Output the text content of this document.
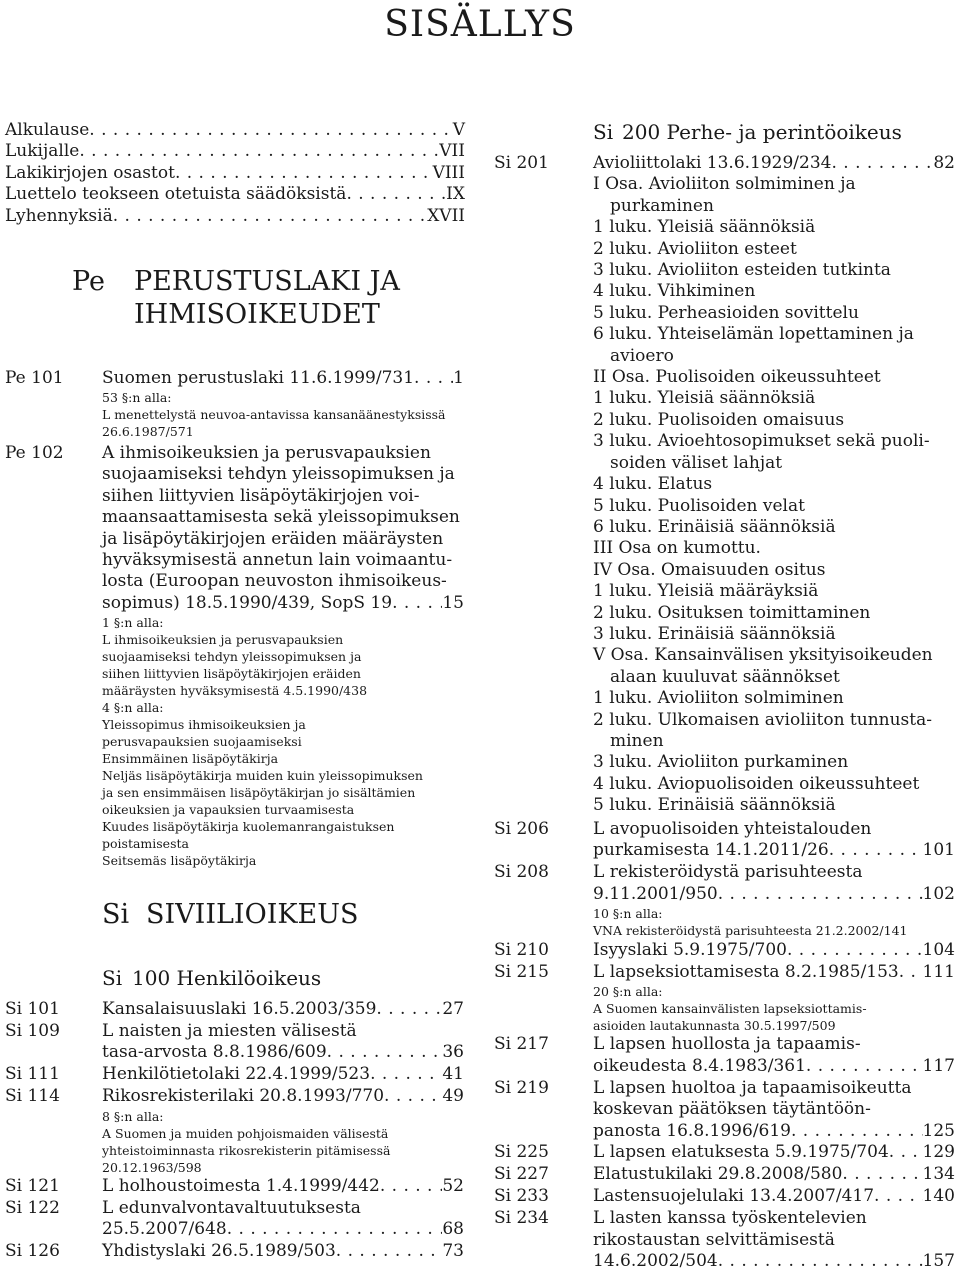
SISÄLLYS
Alkulause . . .	V
Lukijalle . . .	VII
Lakikirjojen osastot . . .	VIII
Luettelo teokseen otetuista säädöksistä . . .	IX
Lyhennyksiä . . .	XVII
Pe PERUSTUSLAKI JA
IHMISOIKEUDET
Pe 101 Suomen perustuslaki 11.6.1999/731 . . . 1
53 §:n alla:
L menettelystä neuvoa-antavissa kansanäänestyksissä
26.6.1987/571
Pe 102 A ihmisoikeuksien ja perusvapauksien
suojaamiseksi tehdyn yleissopimuksen ja
siihen liittyvien lisäpöytäkirjojen voi-
maansaattamisesta sekä yleissopimuksen
ja lisäpöytäkirjojen eräiden määräysten
hyväksymisestä annetun lain voimaantu-
losta (Euroopan neuvoston ihmisoikeus-
sopimus) 18.5.1990/439, SopS 19 . . .	15
1 §:n alla:
L ihmisoikeuksien ja perusvapauksien
suojaamiseksi tehdyn yleissopimuksen ja
siihen liittyvien lisäpöytäkirjojen eräiden
määräysten hyväksymisestä 4.5.1990/438
4 §:n alla:
Yleissopimus ihmisoikeuksien ja
perusvapauksien suojaamiseksi
Ensimmäinen lisäpöytäkirja
Neljäs lisäpöytäkirja muiden kuin yleissopimuksen
ja sen ensimmäisen lisäpöytäkirjan jo sisältämien
oikeuksien ja vapauksien turvaamisesta
Kuudes lisäpöytäkirja kuolemanrangaistuksen
poistamisesta
Seitsemäs lisäpöytäkirja
Si SIVIILIOIKEUS
Si 100 Henkilöoikeus
Si 101 Kansalaisuuslaki 16.5.2003/359 . . .	27
Si 109 L naisten ja miesten välisestä
tasa-arvosta 8.8.1986/609 . . .	36
Si 111 Henkilötietolaki 22.4.1999/523 . . .	41
Si 114 Rikosrekisterilaki 20.8.1993/770 . . .	49
8 §:n alla:
A Suomen ja muiden pohjoismaiden välisestä
yhteistoiminnasta rikosrekisterin pitämisessä
20.12.1963/598
Si 121 L holhoustoimesta 1.4.1999/442 . . .	52
Si 122 L edunvalvontavaltuutuksesta
25.5.2007/648 . . .	68
Si 126 Yhdistyslaki 26.5.1989/503 . . .	73
Si 200 Perhe- ja perintöoikeus
Si 201	Avioliittolaki 13.6.1929/234 . . .	82
I Osa. Avioliiton solmiminen ja
purkaminen
1 luku. Yleisiä säännöksiä
2 luku. Avioliiton esteet
3 luku. Avioliiton esteiden tutkinta
4 luku. Vihkiminen
5 luku. Perheasioiden sovittelu
6 luku. Yhteiselämän lopettaminen ja
avioero
II Osa. Puolisoiden oikeussuhteet
1 luku. Yleisiä säännöksiä
2 luku. Puolisoiden omaisuus
3 luku. Avioehtosopimukset sekä puoli-
soiden väliset lahjat
4 luku. Elatus
5 luku. Puolisoiden velat
6 luku. Erinäisiä säännöksiä
III Osa on kumottu.
IV Osa. Omaisuuden ositus
1 luku. Yleisiä määräyksiä
2 luku. Osituksen toimittaminen
3 luku. Erinäisiä säännöksiä
V Osa. Kansainvälisen yksityisoikeuden
alaan kuuluvat säännökset
1 luku. Avioliiton solmiminen
2 luku. Ulkomaisen avioliiton tunnusta-
minen
3 luku. Avioliiton purkaminen
4 luku. Aviopuolisoiden oikeussuhteet
5 luku. Erinäisiä säännöksiä
Si 206	L avopuolisoiden yhteistalouden
purkamisesta 14.1.2011/26 . . .	101
Si 208	L rekisteröidystä parisuhteesta
9.11.2001/950 . . .	102
10 §:n alla:
VNA rekisteröidystä parisuhteesta 21.2.2002/141
Si 210	Isyyslaki 5.9.1975/700 . . .	104
Si 215	L lapseksiottamisesta 8.2.1985/153 . . . 111
20 §:n alla:
A Suomen kansainvälisten lapseksiottamis-
asioiden lautakunnasta 30.5.1997/509
Si 217	L lapsen huollosta ja tapaamis-
oikeudesta 8.4.1983/361 . . .	117
Si 219	L lapsen huoltoa ja tapaamisoikeutta
koskevan päätöksen täytäntöön-
panosta 16.8.1996/619 . . .	125
Si 225	L lapsen elatuksesta 5.9.1975/704 . . . 129
Si 227	Elatustukilaki 29.8.2008/580 . . .	134
Si 233	Lastensuojelulaki 13.4.2007/417 . . .	140
Si 234	L lasten kanssa työskentelevien
rikostaustan selvittämisestä
14.6.2002/504 . . .	157
